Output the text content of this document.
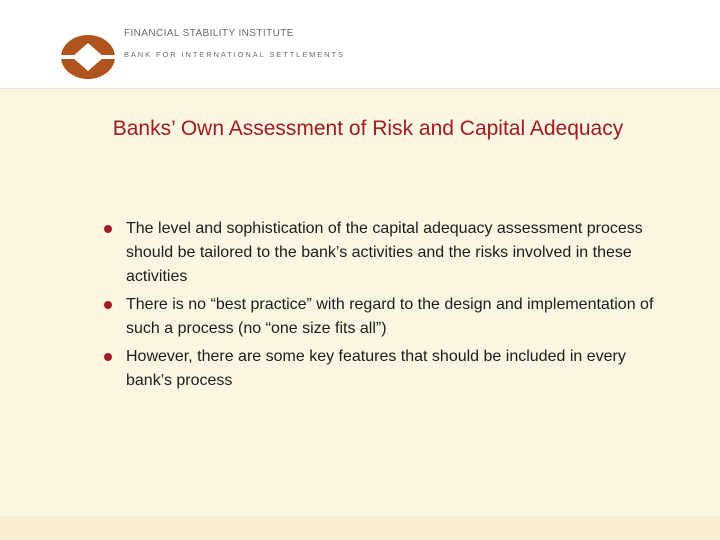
FINANCIAL STABILITY INSTITUTE
BANK FOR INTERNATIONAL SETTLEMENTS
Banks’ Own Assessment of Risk and Capital Adequacy
The level and sophistication of the capital adequacy assessment process should be tailored to the bank’s activities and the risks involved in these activities
There is no “best practice” with regard to the design and implementation of such a process (no “one size fits all”)
However, there are some key features that should be included in every bank’s process
